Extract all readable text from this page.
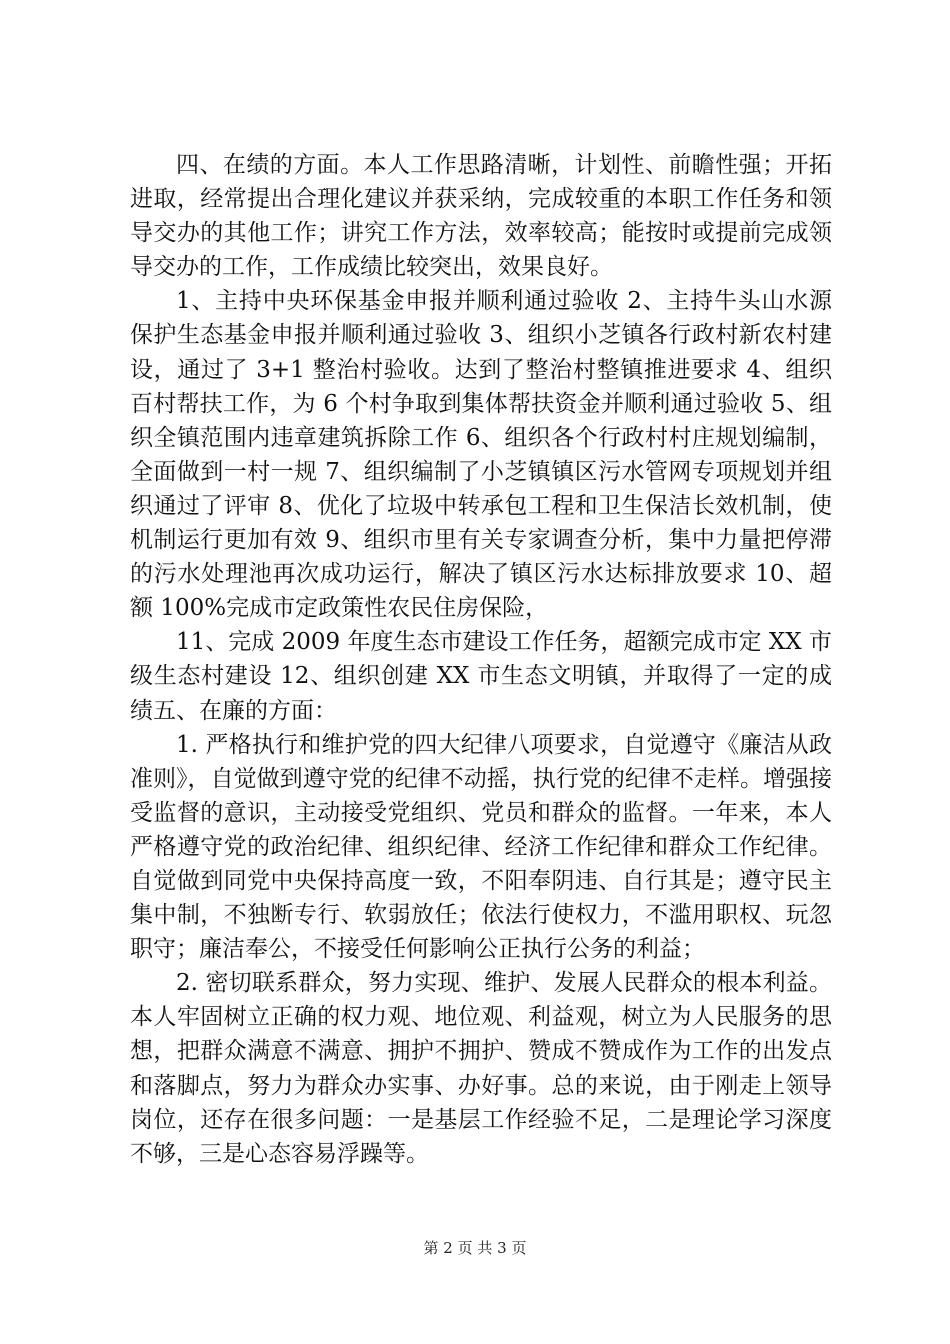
四、在绩的方面。本人工作思路清晰，计划性、前瞻性强；开拓进取，经常提出合理化建议并获采纳，完成较重的本职工作任务和领导交办的其他工作；讲究工作方法，效率较高；能按时或提前完成领导交办的工作，工作成绩比较突出，效果良好。

1、主持中央环保基金申报并顺利通过验收 2、主持牛头山水源保护生态基金申报并顺利通过验收 3、组织小芝镇各行政村新农村建设，通过了 3+1 整治村验收。达到了整治村整镇推进要求 4、组织百村帮扶工作，为 6 个村争取到集体帮扶资金并顺利通过验收 5、组织全镇范围内违章建筑拆除工作 6、组织各个行政村村庄规划编制，全面做到一村一规 7、组织编制了小芝镇镇区污水管网专项规划并组织通过了评审 8、优化了垃圾中转承包工程和卫生保洁长效机制，使机制运行更加有效 9、组织市里有关专家调查分析，集中力量把停滞的污水处理池再次成功运行，解决了镇区污水达标排放要求 10、超额 100%完成市定政策性农民住房保险，

11、完成 2009 年度生态市建设工作任务，超额完成市定 XX 市级生态村建设 12、组织创建 XX 市生态文明镇，并取得了一定的成绩五、在廉的方面：

1. 严格执行和维护党的四大纪律八项要求，自觉遵守《廉洁从政准则》，自觉做到遵守党的纪律不动摇，执行党的纪律不走样。增强接受监督的意识，主动接受党组织、党员和群众的监督。一年来，本人严格遵守党的政治纪律、组织纪律、经济工作纪律和群众工作纪律。自觉做到同党中央保持高度一致，不阳奉阴违、自行其是；遵守民主集中制，不独断专行、软弱放任；依法行使权力，不滥用职权、玩忽职守；廉洁奉公，不接受任何影响公正执行公务的利益；

2. 密切联系群众，努力实现、维护、发展人民群众的根本利益。本人牢固树立正确的权力观、地位观、利益观，树立为人民服务的思想，把群众满意不满意、拥护不拥护、赞成不赞成作为工作的出发点和落脚点，努力为群众办实事、办好事。总的来说，由于刚走上领导岗位，还存在很多问题：一是基层工作经验不足，二是理论学习深度不够，三是心态容易浮躁等。

第 2 页 共 3 页
